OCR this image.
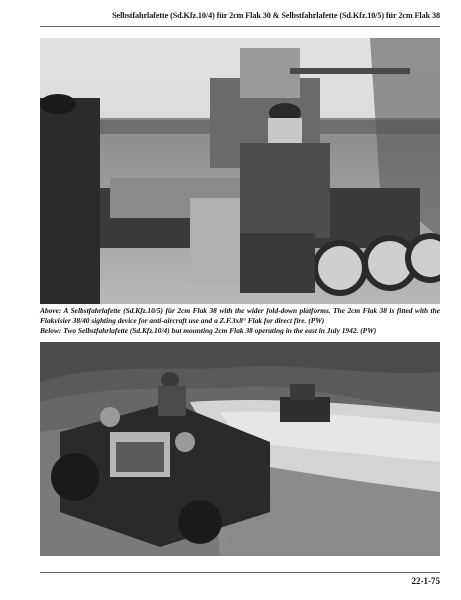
Selbstfahrlafette (Sd.Kfz.10/4) für 2cm Flak 30 & Selbstfahrlafette (Sd.Kfz.10/5) für 2cm Flak 38

Above: A Selbstfahrlafette (Sd.Kfz.10/5) für 2cm Flak 38 with the wider fold-down platforms. The 2cm Flak 38 is fitted with the Flakvisier 38/40 sighting device for anti-aircraft use and a Z.F.3x8° Flak for direct fire. (PW)

Below: Two Selbstfahrlafette (Sd.Kfz.10/4) but mounting 2cm Flak 38 operating in the east in July 1942. (PW)

22-1-75
